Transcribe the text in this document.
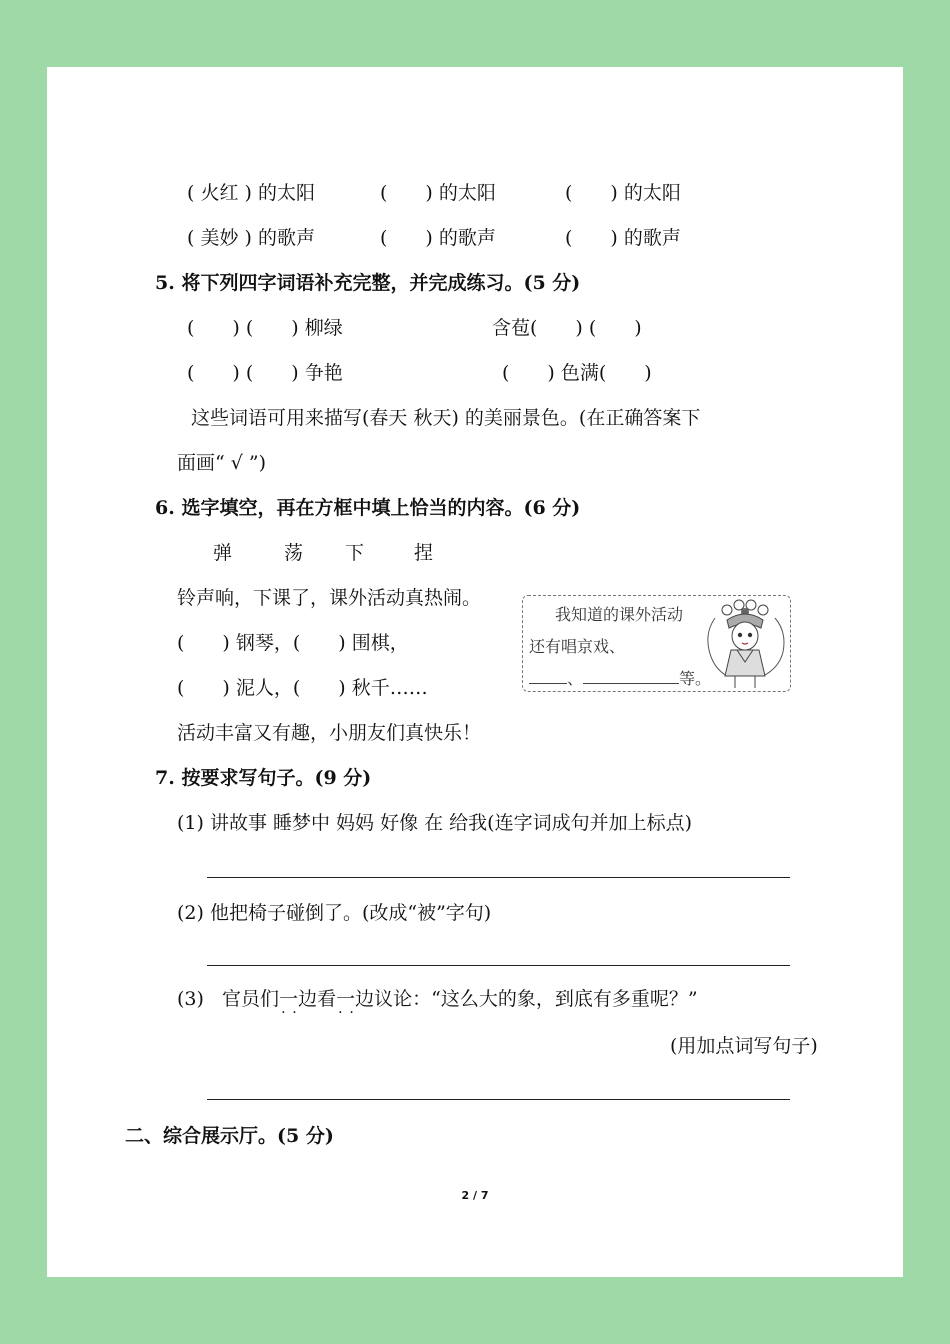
( 火红 ) 的太阳	(  ) 的太阳	(  ) 的太阳
( 美妙 ) 的歌声	(  ) 的歌声	(  ) 的歌声
5. 将下列四字词语补充完整，并完成练习。(5 分)
(  ) (  ) 柳绿	含苞(  ) (  )
(  ) (  ) 争艳	(  ) 色满(  )
这些词语可用来描写(春天 秋天) 的美丽景色。(在正确答案下
面画“ √ ”)
6. 选字填空，再在方框中填上恰当的内容。(6 分)
弹	荡 下	捏
铃声响，下课了，课外活动真热闹。
(  ) 钢琴，(  ) 围棋，
(  ) 泥人，(  ) 秋千……
活动丰富又有趣，小朋友们真快乐！
我知道的课外活动
还有唱京戏、
、	等。
7. 按要求写句子。(9 分)
(1) 讲故事 睡梦中 妈妈 好像 在 给我(连字词成句并加上标点)
(2) 他把椅子碰倒了。(改成“被”字句)
(3) 官员们一边 · ·看一边 · ·议论：“这么大的象，到底有多重呢？”
(用加点词写句子)
二、综合展示厅。(5 分)
2 / 7
